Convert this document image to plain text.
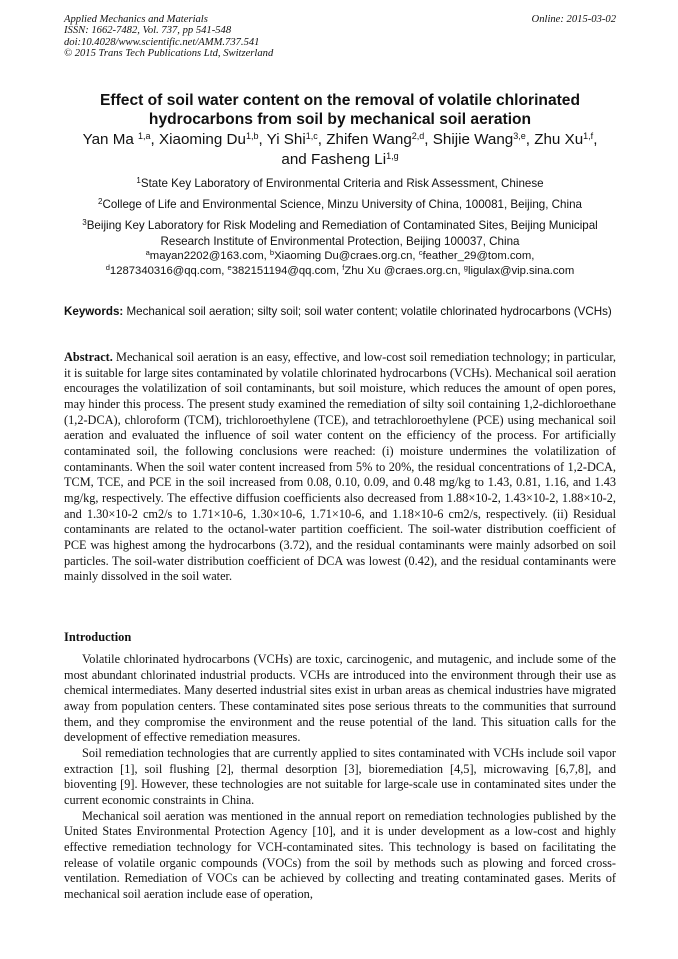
Applied Mechanics and Materials
ISSN: 1662-7482, Vol. 737, pp 541-548
doi:10.4028/www.scientific.net/AMM.737.541
© 2015 Trans Tech Publications Ltd, Switzerland
Online: 2015-03-02
Effect of soil water content on the removal of volatile chlorinated
hydrocarbons from soil by mechanical soil aeration
Yan Ma $^{1,a}$, Xiaoming Du$^{1,b}$, Yi Shi$^{1,c}$, Zhifen Wang$^{2,d}$, Shijie Wang$^{3,e}$, Zhu Xu$^{1,f}$,
and Fasheng Li$^{1,g}$
$^1$State Key Laboratory of Environmental Criteria and Risk Assessment, Chinese
$^2$College of Life and Environmental Science, Minzu University of China, 100081, Beijing, China
$^3$Beijing Key Laboratory for Risk Modeling and Remediation of Contaminated Sites, Beijing Municipal
Research Institute of Environmental Protection, Beijing 100037, China
$^a$mayan2202@163.com, $^b$Xiaoming Du@craes.org.cn, $^c$feather_29@tom.com,
$^d$1287340316@qq.com, $^e$382151194@qq.com, $^f$Zhu Xu @craes.org.cn, $^g$ligulax@vip.sina.com
Keywords: Mechanical soil aeration; silty soil; soil water content; volatile chlorinated hydrocarbons (VCHs)
Abstract. Mechanical soil aeration is an easy, effective, and low-cost soil remediation technology; in particular, it is suitable for large sites contaminated by volatile chlorinated hydrocarbons (VCHs). Mechanical soil aeration encourages the volatilization of soil contaminants, but soil moisture, which reduces the amount of open pores, may hinder this process. The present study examined the remediation of silty soil containing 1,2-dichloroethane (1,2-DCA), chloroform (TCM), trichloroethylene (TCE), and tetrachloroethylene (PCE) using mechanical soil aeration and evaluated the influence of soil water content on the efficiency of the process. For artificially contaminated soil, the following conclusions were reached: (i) moisture undermines the volatilization of contaminants. When the soil water content increased from 5% to 20%, the residual concentrations of 1,2-DCA, TCM, TCE, and PCE in the soil increased from 0.08, 0.10, 0.09, and 0.48 mg/kg to 1.43, 0.81, 1.16, and 1.43 mg/kg, respectively. The effective diffusion coefficients also decreased from 1.88×10-2, 1.43×10-2, 1.88×10-2, and 1.30×10-2 cm2/s to 1.71×10-6, 1.30×10-6, 1.71×10-6, and 1.18×10-6 cm2/s, respectively. (ii) Residual contaminants are related to the octanol-water partition coefficient. The soil-water distribution coefficient of PCE was highest among the hydrocarbons (3.72), and the residual contaminants were mainly adsorbed on soil particles. The soil-water distribution coefficient of DCA was lowest (0.42), and the residual contaminants were mainly dissolved in the soil water.
Introduction

Volatile chlorinated hydrocarbons (VCHs) are toxic, carcinogenic, and mutagenic, and include some of the most abundant chlorinated industrial products. VCHs are introduced into the environment through their use as chemical intermediates. Many deserted industrial sites exist in urban areas as chemical industries have migrated away from population centers. These contaminated sites pose serious threats to the communities that surround them, and they compromise the environment and the reuse potential of the land. This situation calls for the development of effective remediation measures.

Soil remediation technologies that are currently applied to sites contaminated with VCHs include soil vapor extraction [1], soil flushing [2], thermal desorption [3], bioremediation [4,5], microwaving [6,7,8], and bioventing [9]. However, these technologies are not suitable for large-scale use in contaminated sites under the current economic constraints in China.

Mechanical soil aeration was mentioned in the annual report on remediation technologies published by the United States Environmental Protection Agency [10], and it is under development as a low-cost and highly effective remediation technology for VCH-contaminated sites. This technology is based on facilitating the release of volatile organic compounds (VOCs) from the soil by methods such as plowing and forced cross-ventilation. Remediation of VOCs can be achieved by collecting and treating contaminated gases. Merits of mechanical soil aeration include ease of operation,
